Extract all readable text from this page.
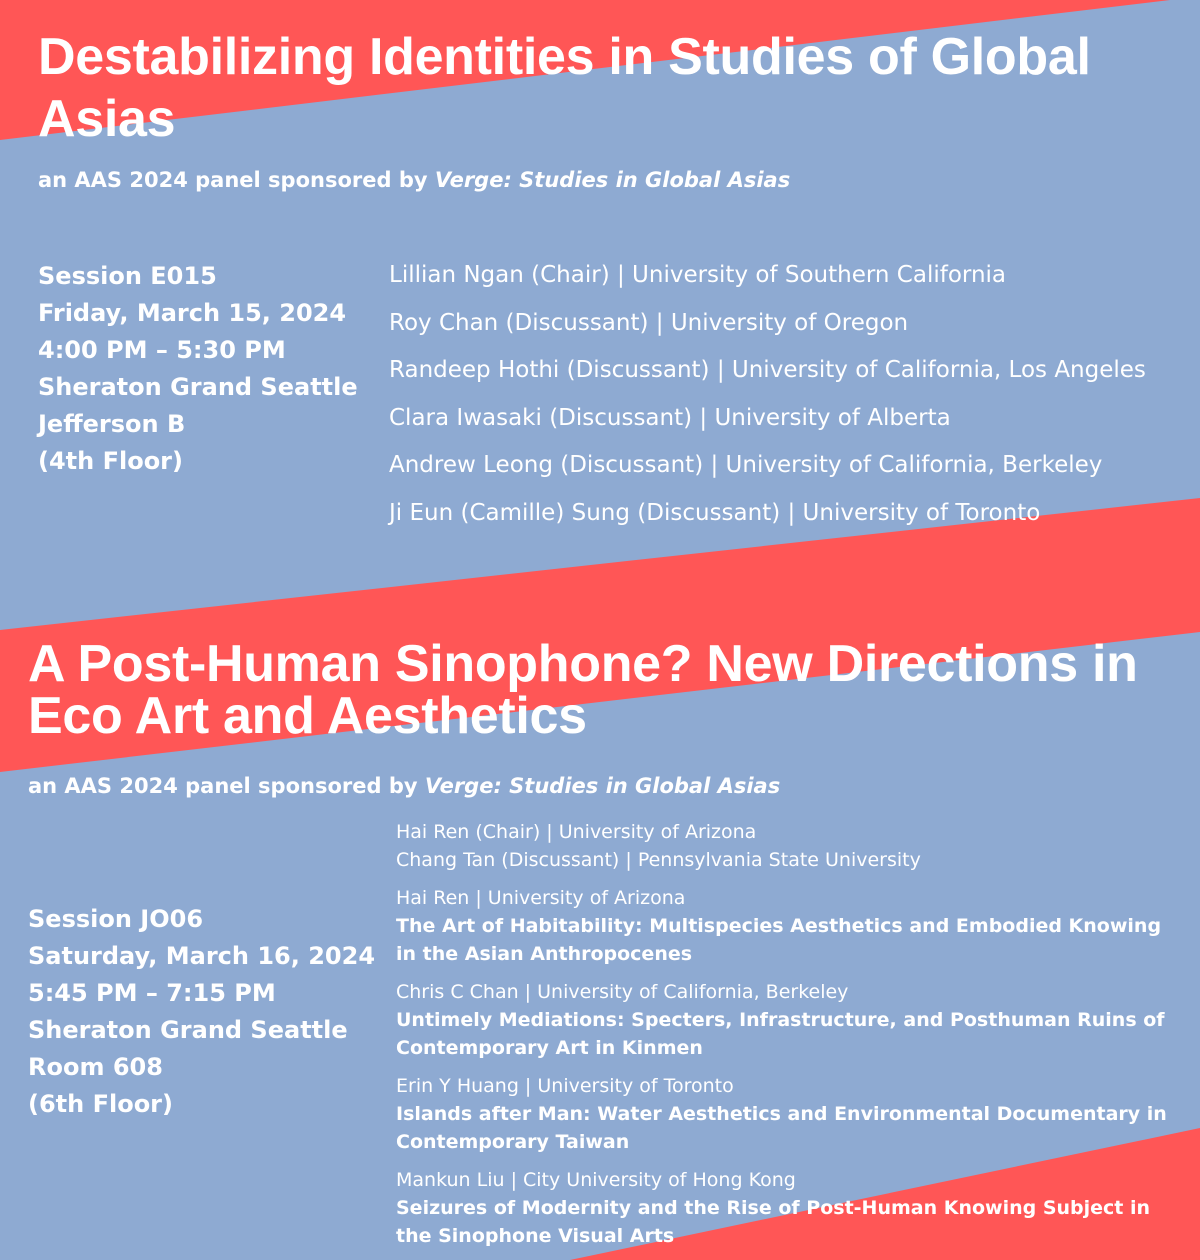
Destabilizing Identities in Studies of Global Asias

an AAS 2024 panel sponsored by Verge: Studies in Global Asias

Session E015
Friday, March 15, 2024
4:00 PM – 5:30 PM
Sheraton Grand Seattle
Jefferson B
(4th Floor)
Lillian Ngan (Chair) | University of Southern California
Roy Chan (Discussant) | University of Oregon
Randeep Hothi (Discussant) | University of California, Los Angeles
Clara Iwasaki (Discussant) | University of Alberta
Andrew Leong (Discussant) | University of California, Berkeley
Ji Eun (Camille) Sung (Discussant) | University of Toronto
A Post-Human Sinophone? New Directions in Eco Art and Aesthetics

an AAS 2024 panel sponsored by Verge: Studies in Global Asias

Session JO06
Saturday, March 16, 2024
5:45 PM – 7:15 PM
Sheraton Grand Seattle
Room 608
(6th Floor)
Hai Ren (Chair) | University of Arizona
Chang Tan (Discussant) | Pennsylvania State University
Hai Ren | University of Arizona
The Art of Habitability: Multispecies Aesthetics and Embodied Knowing in the Asian Anthropocenes
Chris C Chan | University of California, Berkeley
Untimely Mediations: Specters, Infrastructure, and Posthuman Ruins of Contemporary Art in Kinmen
Erin Y Huang | University of Toronto
Islands after Man: Water Aesthetics and Environmental Documentary in Contemporary Taiwan
Mankun Liu | City University of Hong Kong
Seizures of Modernity and the Rise of Post-Human Knowing Subject in the Sinophone Visual Arts
